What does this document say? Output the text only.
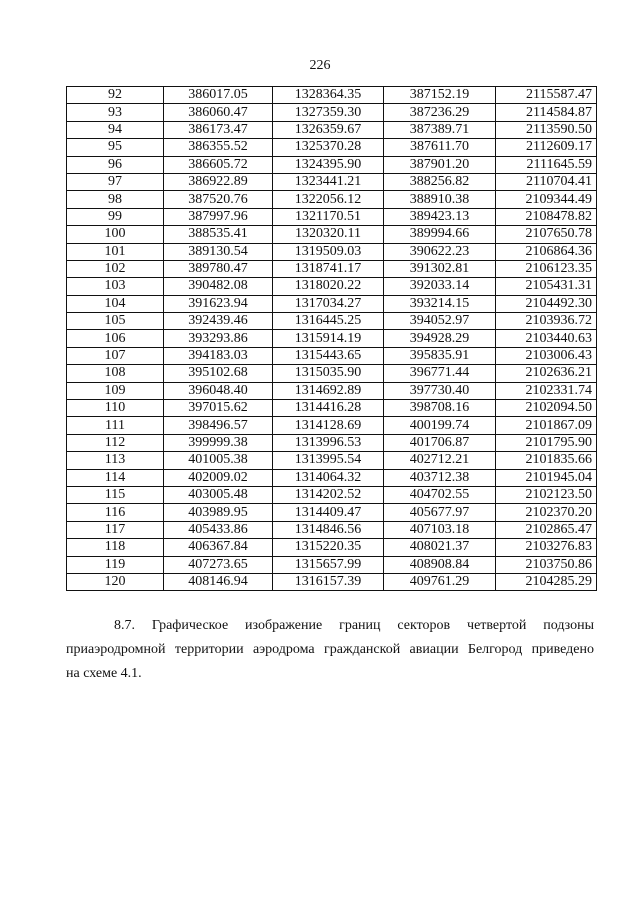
226
92	386017.05	1328364.35	387152.19	2115587.47
93	386060.47	1327359.30	387236.29	2114584.87
94	386173.47	1326359.67	387389.71	2113590.50
95	386355.52	1325370.28	387611.70	2112609.17
96	386605.72	1324395.90	387901.20	2111645.59
97	386922.89	1323441.21	388256.82	2110704.41
98	387520.76	1322056.12	388910.38	2109344.49
99	387997.96	1321170.51	389423.13	2108478.82
100	388535.41	1320320.11	389994.66	2107650.78
101	389130.54	1319509.03	390622.23	2106864.36
102	389780.47	1318741.17	391302.81	2106123.35
103	390482.08	1318020.22	392033.14	2105431.31
104	391623.94	1317034.27	393214.15	2104492.30
105	392439.46	1316445.25	394052.97	2103936.72
106	393293.86	1315914.19	394928.29	2103440.63
107	394183.03	1315443.65	395835.91	2103006.43
108	395102.68	1315035.90	396771.44	2102636.21
109	396048.40	1314692.89	397730.40	2102331.74
110	397015.62	1314416.28	398708.16	2102094.50
111	398496.57	1314128.69	400199.74	2101867.09
112	399999.38	1313996.53	401706.87	2101795.90
113	401005.38	1313995.54	402712.21	2101835.66
114	402009.02	1314064.32	403712.38	2101945.04
115	403005.48	1314202.52	404702.55	2102123.50
116	403989.95	1314409.47	405677.97	2102370.20
117	405433.86	1314846.56	407103.18	2102865.47
118	406367.84	1315220.35	408021.37	2103276.83
119	407273.65	1315657.99	408908.84	2103750.86
120	408146.94	1316157.39	409761.29	2104285.29
8.7. Графическое изображение границ секторов четвертой подзоны
приаэродромной территории аэродрома гражданской авиации Белгород приведено
на схеме 4.1.
